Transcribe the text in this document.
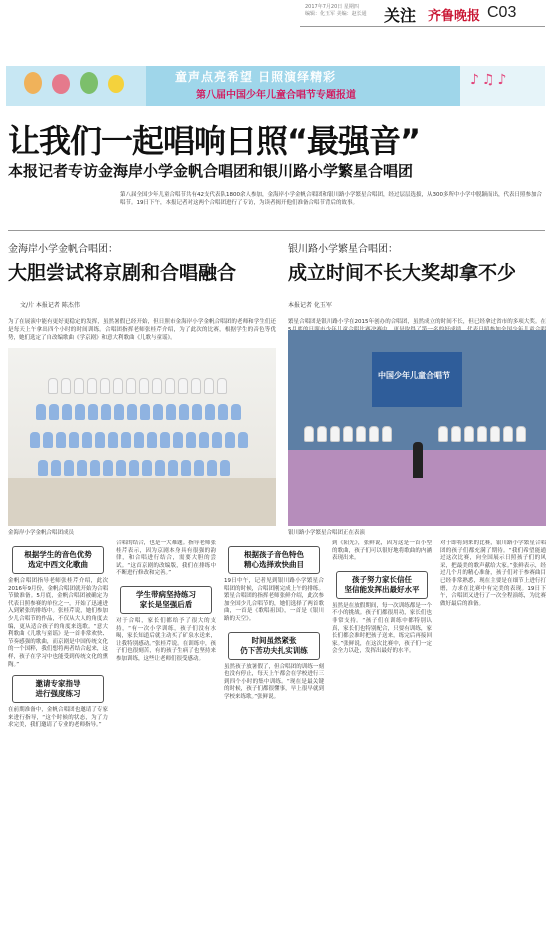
2017年7月20日 星期四
编辑：化玉军 美编：赵长通	关注 齐鲁晚报 C03
♪♫♪
童声点亮希望 日照演绎精彩
第八届中国少年儿童合唱节专题报道
让我们一起唱响日照“最强音”
本报记者专访金海岸小学金帆合唱团和银川路小学繁星合唱团
第八届全国少年儿童合唱节共有42支代表队1800余人参加，金海岸小学金帆合唱团和银川路小学繁星合唱团，经过层层选拔，从300多所中小学中脱颖而出，代表日照参加合唱节。19日下午，本报记者对这两个合唱团进行了专访，为读者揭开他们准备合唱节背后的故事。
金海岸小学金帆合唱团：
大胆尝试将京剧和合唱融合
银川路小学繁星合唱团：
成立时间不长大奖却拿不少
文/片 本报记者 陈杰伟	本报记者 化玉军
为了在展演中能有更好更稳定的发挥，虽然暑假已经开始，但日照市金海岸小学金帆合唱团的老师和学生们还是每天上午拿出四个小时的时间训练。合唱团指挥老师张桂芹介绍，为了此次的比赛，根据学生的音色等优势，她们选定了自改编歌曲《学京剧》和意大利歌曲《儿歌与童谣》。
繁星合唱团是银川路小学在2015年创办的合唱团，虽然成立的时间不长，但已经拿过省市的多项大奖。在
金海岸小学金帆合唱团成员
中国少年儿童合唱节
银川路小学繁星合唱团正在表演
根据学生的音色优势
选定中西文化歌曲
金帆合唱团指导老师张桂芹介绍，此次2016年9月份，金帆合唱团就开始为合唱节做准备。5月底，金帆合唱团被确定为代表日照参赛的单位之一，开始了迅速进入到紧张的排练中。张桂芹说，她们参加少儿合唱节的作品，不仅从大人的角度去编，更从适合孩子的角度来选歌。“意大利歌曲《儿歌与童谣》是一首非常欢快、节奏感强的歌曲，而京剧是中国传统文化的一个国粹，我们想将两者结合起来，这样，孩子在学习中也能受到传统文化的熏陶。”
邀请专家指导
进行强度练习
在前期准备中，金帆合唱团也邀请了专家来进行指导，“这个时候的状态，为了力求完美，我们邀请了专业的老师指导。”
合唱的结合，也是一大难题。指导老师张桂芹表示，因为京剧本身具有很强的韵律，和合唱进行结合，需要大胆的尝试。“这首京剧的改编版，我们在排练中不断进行修改和完善。”
学生带病坚持练习
家长是坚强后盾
对于合唱，家长们都给予了很大的支持，“有一次小学训练，孩子们没有水喝，家长知道后就主动买了矿泉水送来，让我特别感动。”张桂芹说。在训练中，孩子们也很刻苦，有的孩子生病了也坚持来参加训练，这些让老师们很受感动。
根据孩子音色特色
精心选择欢快曲目
19日中午，记者见到银川路小学繁星合唱团的时候，合唱团刚完成上午的排练。繁星合唱团的指挥老师张鲜介绍，此次参加全国少儿合唱节的，她们选择了两首歌曲，一首是《歌唱祖国》，一首是《银川路的天空》。
时间虽然紧张
仍下苦功夫扎实训练
虽然孩子放暑假了，但合唱团的训练一刻也没有停止，每天上午都会在学校进行三到四个小时的集中训练。“现在是最关键的时候，孩子们都很懂事，早上很早就到学校来练歌。”张鲜说。
到《阳光》，张鲜说，因为这是一首小型的歌曲，孩子们可以很好地将歌曲的内涵表现出来。
孩子努力家长信任
坚信能发挥出最好水平
虽然是在放假期间，每一次训练都是一个不小的挑战。孩子们都很用功，家长们也非常支持。“孩子们在训练中都特别认真，家长们也特别配合，只要有训练，家长们都会准时把孩子送来，练完后再接回家。”张鲜说，在这次比赛中，孩子们一定会全力以赴，发挥出最好的水平。
对于即将到来的比赛，银川路小学繁星合唱团的孩子们都充满了期待。“我们希望能通过这次比赛，向全国展示日照孩子们的风采，把最美的歌声献给大家。”张鲜表示，经过几个月的精心准备，孩子们对于参赛曲目已经非常熟悉，现在主要是在细节上进行打磨，力求在比赛中有完美的表现。19日下午，合唱团又进行了一次全程演练，为比赛做好最后的准备。
